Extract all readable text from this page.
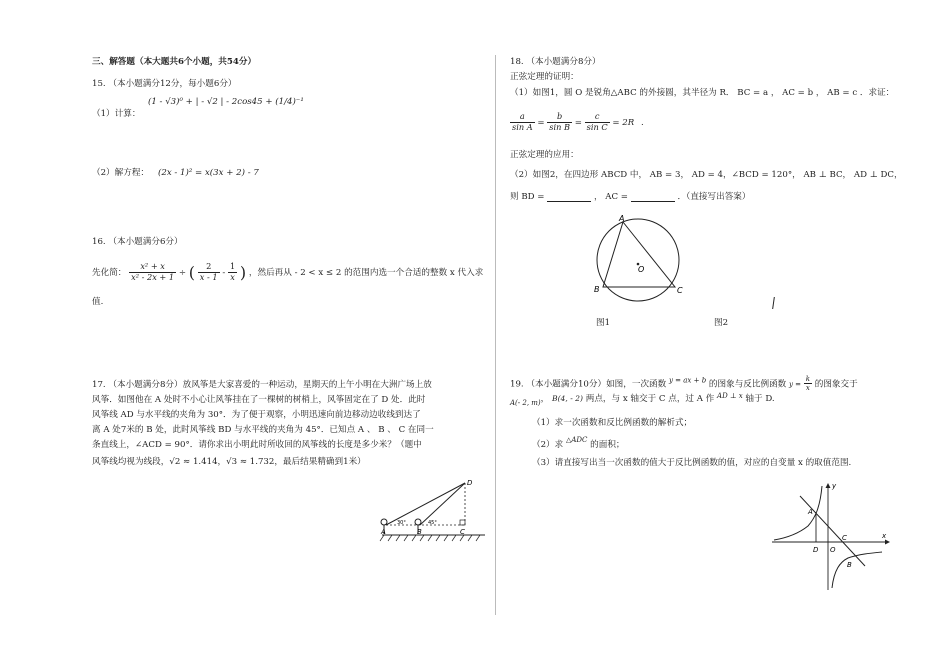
三、解答题（本大题共6个小题，共54分）
15. （本小题满分12分，每小题6分）
（1）计算：
(1 - √3)⁰ + | - √2 | - 2cos45 + (1/4)⁻¹
（2）解方程： (2x - 1)² = x(3x + 2) - 7
16. （本小题满分6分）
先化简： $\frac{\text{x² + x}}{\text{x² - 2x + 1}}$ ÷ ( $\frac{2}{x - 1} - \frac{1}{x}$ ) ，然后再从 - 2 < x ≤ 2 的范围内选一个合适的整数 x 代入求
值.
17. （本小题满分8分）放风筝是大家喜爱的一种运动，星期天的上午小明在大洲广场上放
风筝．如图他在 A 处时不小心让风筝挂在了一棵树的树梢上，风筝固定在了 D 处．此时
风筝线 AD 与水平线的夹角为 30°．为了便于观察，小明迅速向前边移动边收线到达了
离 A 处7米的 B 处，此时风筝线 BD 与水平线的夹角为 45°．已知点 A 、 B 、 C 在同一
条直线上，∠ACD = 90°．请你求出小明此时所收回的风筝线的长度是多少米？（题中
风筝线均视为线段，√2 ≈ 1.414，√3 ≈ 1.732，最后结果精确到1米）
A	B	C
D
30°	45°
18. （本小题满分8分）
正弦定理的证明：
（1）如图1，圆 O 是锐角△ABC 的外接圆，其半径为 R． BC = a ， AC = b ， AB = c ．求证：
$\frac{a}{\text{sin A}} = \frac{b}{\text{sin B}} = \frac{c}{\text{sin C}} = 2R$ .
正弦定理的应用：
（2）如图2，在四边形 ABCD 中， AB = 3， AD = 4，∠BCD = 120°， AB ⊥ BC， AD ⊥ DC，
则 BD =	， AC =	．（直接写出答案）
A
B	C
O
图1	图2
19. （本小题满分10分）如图，一次函数 $^{y = ax + b}$ 的图象与反比例函数 $y = \frac{k}{x}$ 的图象交于
$_{A(- 2, m)}$， B(4, - 2) 两点，与 x 轴交于 C 点，过 A 作 $^{AD \perp x}$ 轴于 D.
（1）求一次函数和反比例函数的解析式；
（2）求 $^{\triangle ADC}$ 的面积；
（3）请直接写出当一次函数的值大于反比例函数的值，对应的自变量 x 的取值范围.
A
B
C
D O
y
x
